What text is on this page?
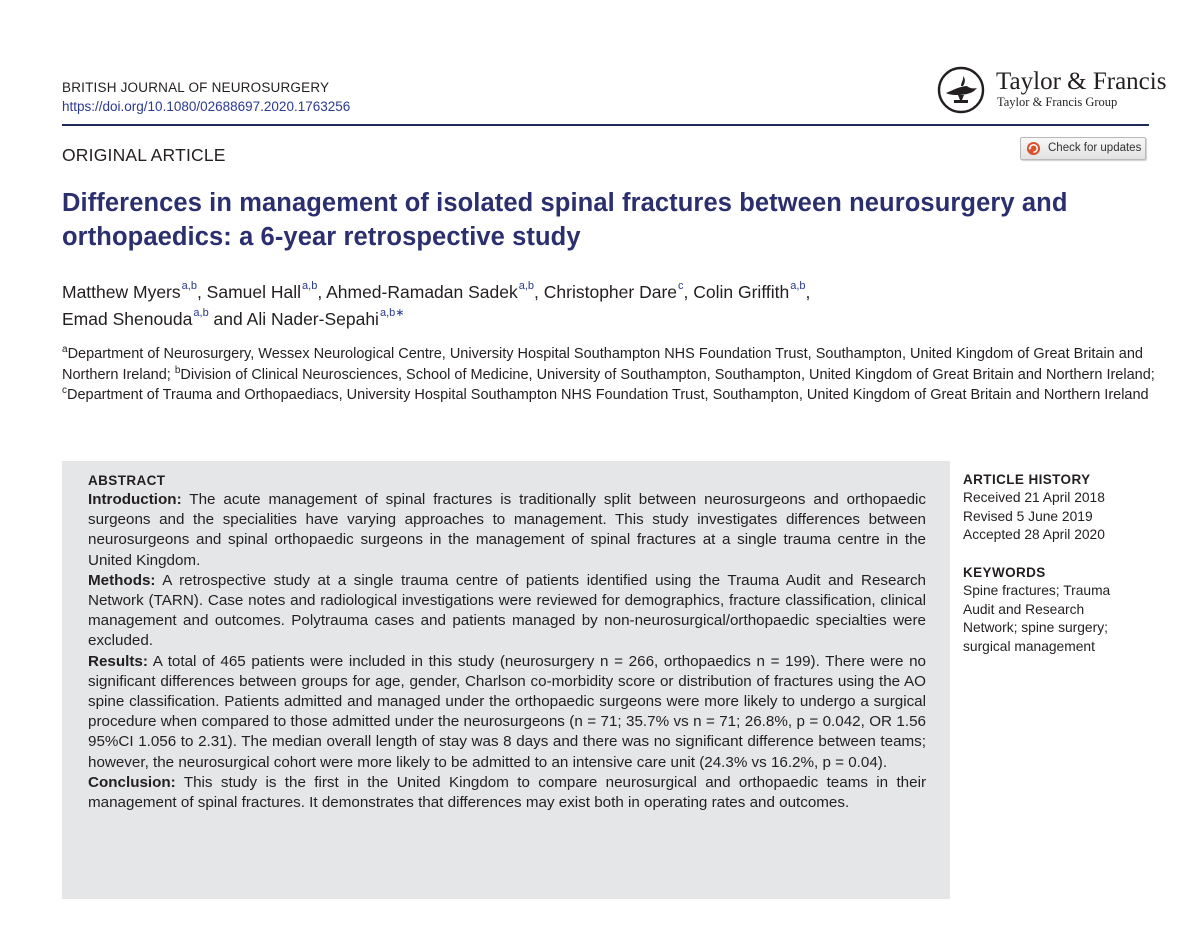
BRITISH JOURNAL OF NEUROSURGERY
https://doi.org/10.1080/02688697.2020.1763256
Taylor & Francis
Taylor & Francis Group
ORIGINAL ARTICLE	Check for updates
Differences in management of isolated spinal fractures between neurosurgery and orthopaedics: a 6-year retrospective study
Matthew Myers$^{a,b}$, Samuel Hall$^{a,b}$, Ahmed-Ramadan Sadek$^{a,b}$, Christopher Dare$^c$, Colin Griffith$^{a,b}$,
Emad Shenouda$^{a,b}$ and Ali Nader-Sepahi$^{a,b∗}$
$^a$Department of Neurosurgery, Wessex Neurological Centre, University Hospital Southampton NHS Foundation Trust, Southampton, United Kingdom of Great Britain and Northern Ireland; $^b$Division of Clinical Neurosciences, School of Medicine, University of Southampton, Southampton, United Kingdom of Great Britain and Northern Ireland; $^c$Department of Trauma and Orthopaediacs, University Hospital Southampton NHS Foundation Trust, Southampton, United Kingdom of Great Britain and Northern Ireland
ABSTRACT

Introduction: The acute management of spinal fractures is traditionally split between neurosurgeons and orthopaedic surgeons and the specialities have varying approaches to management. This study investigates differences between neurosurgeons and spinal orthopaedic surgeons in the management of spinal fractures at a single trauma centre in the United Kingdom.

Methods: A retrospective study at a single trauma centre of patients identified using the Trauma Audit and Research Network (TARN). Case notes and radiological investigations were reviewed for demographics, fracture classification, clinical management and outcomes. Polytrauma cases and patients managed by non-neurosurgical/orthopaedic specialties were excluded.

Results: A total of 465 patients were included in this study (neurosurgery n = 266, orthopaedics n = 199). There were no significant differences between groups for age, gender, Charlson co-morbidity score or distribution of fractures using the AO spine classification. Patients admitted and managed under the orthopaedic surgeons were more likely to undergo a surgical procedure when compared to those admitted under the neurosurgeons (n = 71; 35.7% vs n = 71; 26.8%, p = 0.042, OR 1.56 95%CI 1.056 to 2.31). The median overall length of stay was 8 days and there was no significant difference between teams; however, the neurosurgical cohort were more likely to be admitted to an intensive care unit (24.3% vs 16.2%, p = 0.04).

Conclusion: This study is the first in the United Kingdom to compare neurosurgical and orthopaedic teams in their management of spinal fractures. It demonstrates that differences may exist both in operating rates and outcomes.

ARTICLE HISTORY
Received 21 April 2018
Revised 5 June 2019
Accepted 28 April 2020
KEYWORDS
Spine fractures; Trauma Audit and Research Network; spine surgery; surgical management
